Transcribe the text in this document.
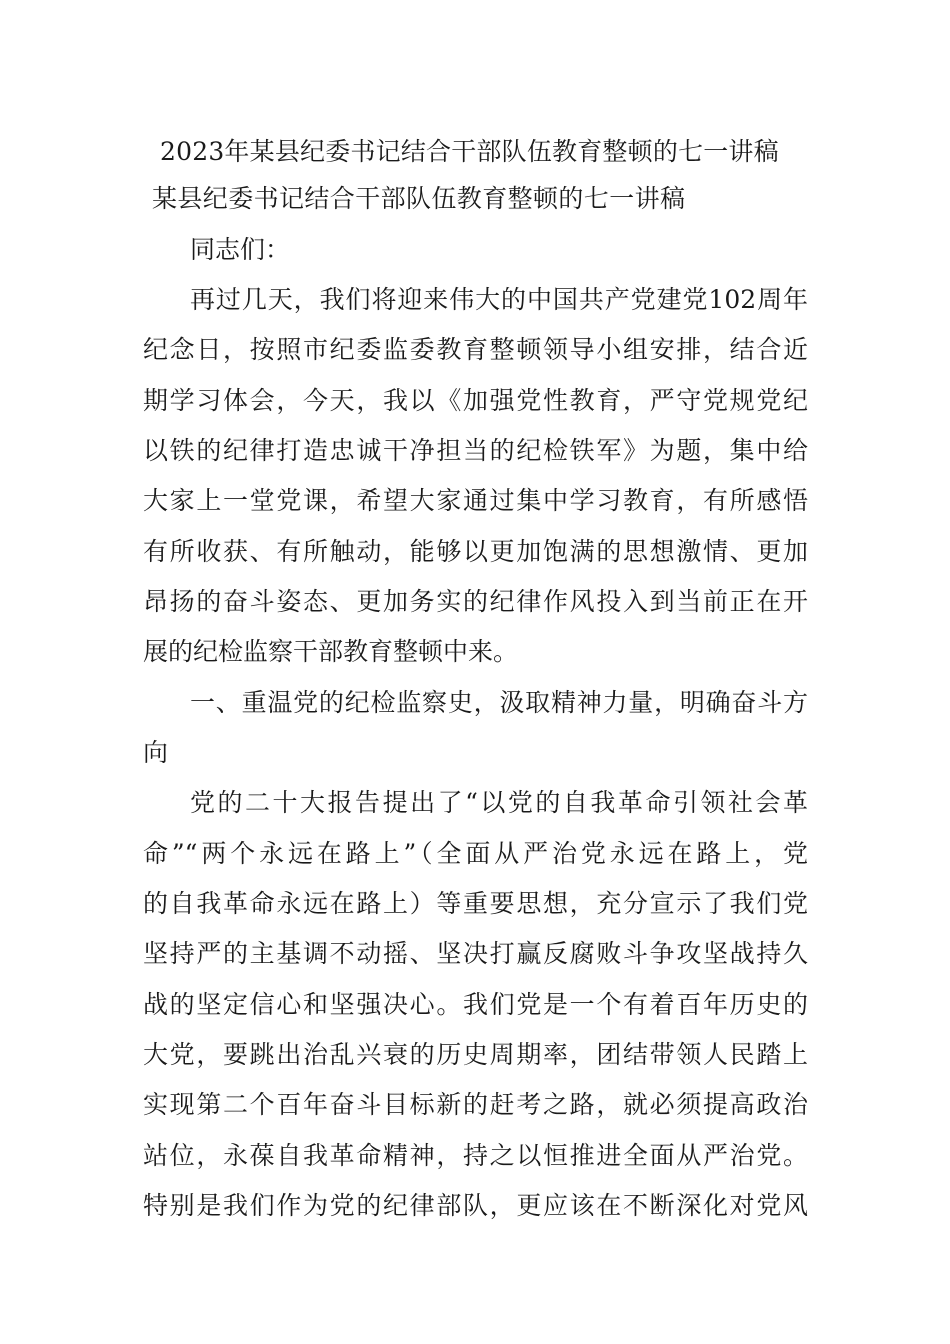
2023年某县纪委书记结合干部队伍教育整顿的七一讲稿
某县纪委书记结合干部队伍教育整顿的七一讲稿
同志们：
再过几天，我们将迎来伟大的中国共产党建党102周年
纪念日，按照市纪委监委教育整顿领导小组安排，结合近
期学习体会，今天，我以《加强党性教育，严守党规党纪
以铁的纪律打造忠诚干净担当的纪检铁军》为题，集中给
大家上一堂党课，希望大家通过集中学习教育，有所感悟
有所收获、有所触动，能够以更加饱满的思想激情、更加
昂扬的奋斗姿态、更加务实的纪律作风投入到当前正在开
展的纪检监察干部教育整顿中来。
一、重温党的纪检监察史，汲取精神力量，明确奋斗方
向
党的二十大报告提出了“以党的自我革命引领社会革
命”“两个永远在路上”（全面从严治党永远在路上，党
的自我革命永远在路上）等重要思想，充分宣示了我们党
坚持严的主基调不动摇、坚决打赢反腐败斗争攻坚战持久
战的坚定信心和坚强决心。我们党是一个有着百年历史的
大党，要跳出治乱兴衰的历史周期率，团结带领人民踏上
实现第二个百年奋斗目标新的赶考之路，就必须提高政治
站位，永葆自我革命精神，持之以恒推进全面从严治党。
特别是我们作为党的纪律部队，更应该在不断深化对党风
